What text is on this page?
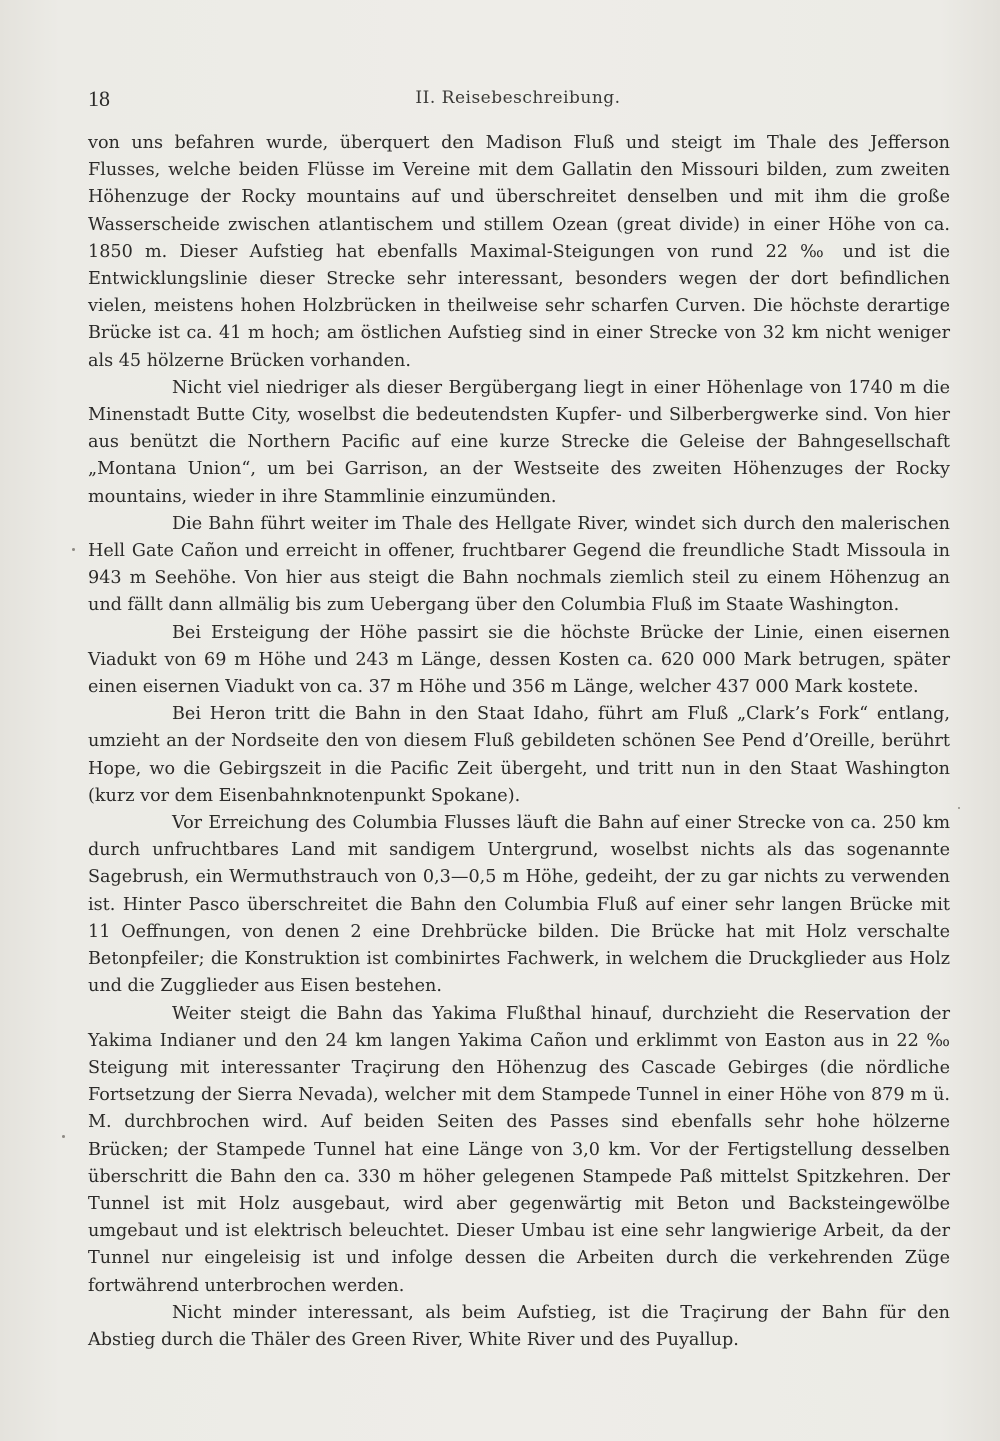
18	II. Reisebeschreibung.

von uns befahren wurde, überquert den Madison Fluß und steigt im Thale des Jefferson Flusses, welche beiden Flüsse im Vereine mit dem Gallatin den Missouri bilden, zum zweiten Höhenzuge der Rocky mountains auf und überschreitet denselben und mit ihm die große Wasserscheide zwischen atlantischem und stillem Ozean (great divide) in einer Höhe von ca. 1850 m. Dieser Aufstieg hat ebenfalls Maximal-Steigungen von rund 22 ‰ und ist die Entwicklungslinie dieser Strecke sehr interessant, besonders wegen der dort befindlichen vielen, meistens hohen Holzbrücken in theilweise sehr scharfen Curven. Die höchste derartige Brücke ist ca. 41 m hoch; am östlichen Aufstieg sind in einer Strecke von 32 km nicht weniger als 45 hölzerne Brücken vorhanden.

Nicht viel niedriger als dieser Bergübergang liegt in einer Höhenlage von 1740 m die Minenstadt Butte City, woselbst die bedeutendsten Kupfer- und Silberbergwerke sind. Von hier aus benützt die Northern Pacific auf eine kurze Strecke die Geleise der Bahngesellschaft „Montana Union“, um bei Garrison, an der Westseite des zweiten Höhenzuges der Rocky mountains, wieder in ihre Stammlinie einzumünden.

Die Bahn führt weiter im Thale des Hellgate River, windet sich durch den malerischen Hell Gate Cañon und erreicht in offener, fruchtbarer Gegend die freundliche Stadt Missoula in 943 m Seehöhe. Von hier aus steigt die Bahn nochmals ziemlich steil zu einem Höhenzug an und fällt dann allmälig bis zum Uebergang über den Columbia Fluß im Staate Washington.

Bei Ersteigung der Höhe passirt sie die höchste Brücke der Linie, einen eisernen Viadukt von 69 m Höhe und 243 m Länge, dessen Kosten ca. 620 000 Mark betrugen, später einen eisernen Viadukt von ca. 37 m Höhe und 356 m Länge, welcher 437 000 Mark kostete.

Bei Heron tritt die Bahn in den Staat Idaho, führt am Fluß „Clark’s Fork“ entlang, umzieht an der Nordseite den von diesem Fluß gebildeten schönen See Pend d’Oreille, berührt Hope, wo die Gebirgszeit in die Pacific Zeit übergeht, und tritt nun in den Staat Washington (kurz vor dem Eisenbahnknotenpunkt Spokane).

Vor Erreichung des Columbia Flusses läuft die Bahn auf einer Strecke von ca. 250 km durch unfruchtbares Land mit sandigem Untergrund, woselbst nichts als das sogenannte Sagebrush, ein Wermuthstrauch von 0,3—0,5 m Höhe, gedeiht, der zu gar nichts zu verwenden ist. Hinter Pasco überschreitet die Bahn den Columbia Fluß auf einer sehr langen Brücke mit 11 Oeffnungen, von denen 2 eine Drehbrücke bilden. Die Brücke hat mit Holz verschalte Betonpfeiler; die Konstruktion ist combinirtes Fachwerk, in welchem die Druckglieder aus Holz und die Zugglieder aus Eisen bestehen.

Weiter steigt die Bahn das Yakima Flußthal hinauf, durchzieht die Reservation der Yakima Indianer und den 24 km langen Yakima Cañon und erklimmt von Easton aus in 22 ‰ Steigung mit interessanter Traçirung den Höhenzug des Cascade Gebirges (die nördliche Fortsetzung der Sierra Nevada), welcher mit dem Stampede Tunnel in einer Höhe von 879 m ü. M. durchbrochen wird. Auf beiden Seiten des Passes sind ebenfalls sehr hohe hölzerne Brücken; der Stampede Tunnel hat eine Länge von 3,0 km. Vor der Fertigstellung desselben überschritt die Bahn den ca. 330 m höher gelegenen Stampede Paß mittelst Spitzkehren. Der Tunnel ist mit Holz ausgebaut, wird aber gegenwärtig mit Beton und Backsteingewölbe umgebaut und ist elektrisch beleuchtet. Dieser Umbau ist eine sehr langwierige Arbeit, da der Tunnel nur eingeleisig ist und infolge dessen die Arbeiten durch die verkehrenden Züge fortwährend unterbrochen werden.

Nicht minder interessant, als beim Aufstieg, ist die Traçirung der Bahn für den Abstieg durch die Thäler des Green River, White River und des Puyallup.
